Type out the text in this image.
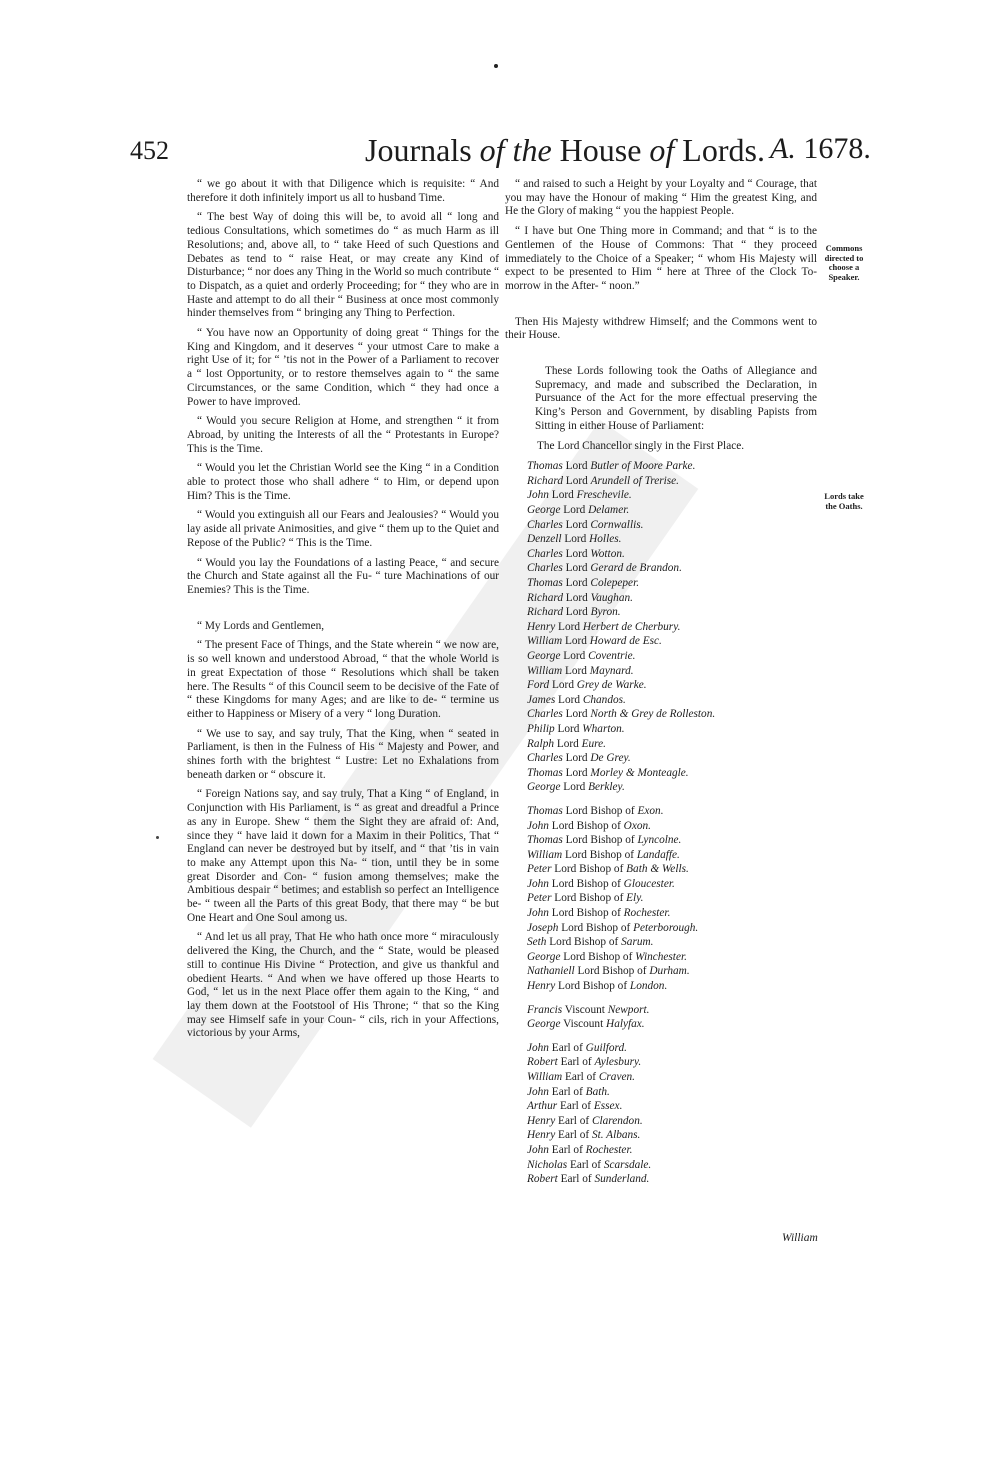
452	Journals of the House of Lords. A. 1678.

“ we go about it with that Diligence which is requisite: “ And therefore it doth infinitely import us all to husband Time.

“ The best Way of doing this will be, to avoid all “ long and tedious Consultations, which sometimes do “ as much Harm as ill Resolutions; and, above all, to “ take Heed of such Questions and Debates as tend to “ raise Heat, or may create any Kind of Disturbance; “ nor does any Thing in the World so much contribute “ to Dispatch, as a quiet and orderly Proceeding; for “ they who are in Haste and attempt to do all their “ Business at once most commonly hinder themselves from “ bringing any Thing to Perfection.

“ You have now an Opportunity of doing great “ Things for the King and Kingdom, and it deserves “ your utmost Care to make a right Use of it; for “ ’tis not in the Power of a Parliament to recover a “ lost Opportunity, or to restore themselves again to “ the same Circumstances, or the same Condition, which “ they had once a Power to have improved.

“ Would you secure Religion at Home, and strengthen “ it from Abroad, by uniting the Interests of all the “ Protestants in Europe? This is the Time.

“ Would you let the Christian World see the King “ in a Condition able to protect those who shall adhere “ to Him, or depend upon Him? This is the Time.

“ Would you extinguish all our Fears and Jealousies? “ Would you lay aside all private Animosities, and give “ them up to the Quiet and Repose of the Public? “ This is the Time.

“ Would you lay the Foundations of a lasting Peace, “ and secure the Church and State against all the Fu- “ ture Machinations of our Enemies? This is the Time.

“ My Lords and Gentlemen,

“ The present Face of Things, and the State wherein “ we now are, is so well known and understood Abroad, “ that the whole World is in great Expectation of those “ Resolutions which shall be taken here. The Results “ of this Council seem to be decisive of the Fate of “ these Kingdoms for many Ages; and are like to de- “ termine us either to Happiness or Misery of a very “ long Duration.

“ We use to say, and say truly, That the King, when “ seated in Parliament, is then in the Fulness of His “ Majesty and Power, and shines forth with the brightest “ Lustre: Let no Exhalations from beneath darken or “ obscure it.

“ Foreign Nations say, and say truly, That a King “ of England, in Conjunction with His Parliament, is “ as great and dreadful a Prince as any in Europe. Shew “ them the Sight they are afraid of: And, since they “ have laid it down for a Maxim in their Politics, That “ England can never be destroyed but by itself, and “ that ’tis in vain to make any Attempt upon this Na- “ tion, until they be in some great Disorder and Con- “ fusion among themselves; make the Ambitious despair “ betimes; and establish so perfect an Intelligence be- “ tween all the Parts of this great Body, that there may “ be but One Heart and One Soul among us.

“ And let us all pray, That He who hath once more “ miraculously delivered the King, the Church, and the “ State, would be pleased still to continue His Divine “ Protection, and give us thankful and obedient Hearts. “ And when we have offered up those Hearts to God, “ let us in the next Place offer them again to the King, “ and lay them down at the Footstool of His Throne; “ that so the King may see Himself safe in your Coun- “ cils, rich in your Affections, victorious by your Arms,

“ and raised to such a Height by your Loyalty and “ Courage, that you may have the Honour of making “ Him the greatest King, and He the Glory of making “ you the happiest People.

“ I have but One Thing more in Command; and that “ is to the Gentlemen of the House of Commons: That “ they proceed immediately to the Choice of a Speaker; “ whom His Majesty will expect to be presented to Him “ here at Three of the Clock To-morrow in the After- “ noon.”

Then His Majesty withdrew Himself; and the Commons went to their House.

These Lords following took the Oaths of Allegiance and Supremacy, and made and subscribed the Declaration, in Pursuance of the Act for the more effectual preserving the King’s Person and Government, by disabling Papists from Sitting in either House of Parliament:

The Lord Chancellor singly in the First Place.

Thomas Lord Butler of Moore Parke.
Richard Lord Arundell of Trerise.
John Lord Freschevile.
George Lord Delamer.
Charles Lord Cornwallis.
Denzell Lord Holles.
Charles Lord Wotton.
Charles Lord Gerard de Brandon.
Thomas Lord Colepeper.
Richard Lord Vaughan.
Richard Lord Byron.
Henry Lord Herbert de Cherbury.
William Lord Howard de Esc.
George Lord Coventrie.
William Lord Maynard.
Ford Lord Grey de Warke.
James Lord Chandos.
Charles Lord North & Grey de Rolleston.
Philip Lord Wharton.
Ralph Lord Eure.
Charles Lord De Grey.
Thomas Lord Morley & Monteagle.
George Lord Berkley.
Thomas Lord Bishop of Exon.
John Lord Bishop of Oxon.
Thomas Lord Bishop of Lyncolne.
William Lord Bishop of Landaffe.
Peter Lord Bishop of Bath & Wells.
John Lord Bishop of Gloucester.
Peter Lord Bishop of Ely.
John Lord Bishop of Rochester.
Joseph Lord Bishop of Peterborough.
Seth Lord Bishop of Sarum.
George Lord Bishop of Winchester.
Nathaniell Lord Bishop of Durham.
Henry Lord Bishop of London.
Francis Viscount Newport.
George Viscount Halyfax.
John Earl of Guilford.
Robert Earl of Aylesbury.
William Earl of Craven.
John Earl of Bath.
Arthur Earl of Essex.
Henry Earl of Clarendon.
Henry Earl of St. Albans.
John Earl of Rochester.
Nicholas Earl of Scarsdale.
Robert Earl of Sunderland.
Commons directed to choose a Speaker.
Lords take the Oaths.
William
